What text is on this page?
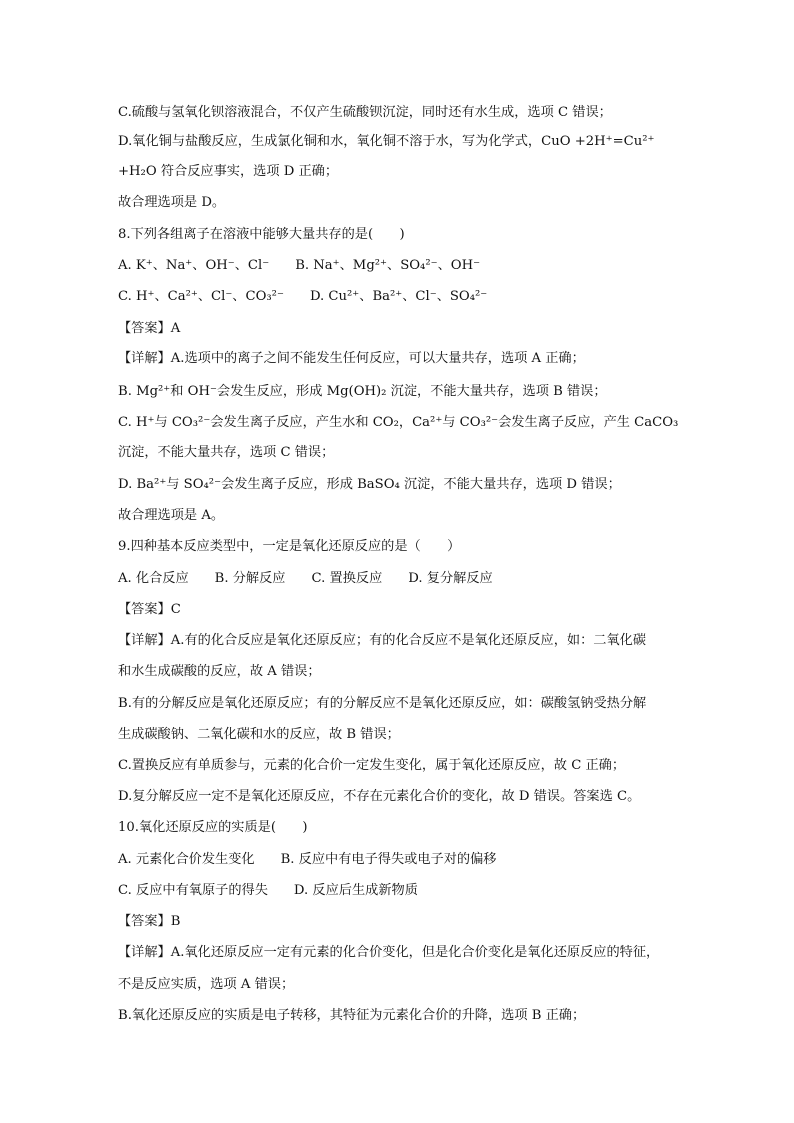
C.硫酸与氢氧化钡溶液混合，不仅产生硫酸钡沉淀，同时还有水生成，选项 C 错误；
D.氧化铜与盐酸反应，生成氯化铜和水，氧化铜不溶于水，写为化学式，CuO +2H⁺=Cu²⁺
+H₂O 符合反应事实，选项 D 正确；
故合理选项是 D。
8.下列各组离子在溶液中能够大量共存的是(　　)
A. K⁺、Na⁺、OH⁻、Cl⁻ B. Na⁺、Mg²⁺、SO₄²⁻、OH⁻
C. H⁺、Ca²⁺、Cl⁻、CO₃²⁻ D. Cu²⁺、Ba²⁺、Cl⁻、SO₄²⁻
【答案】A
【详解】A.选项中的离子之间不能发生任何反应，可以大量共存，选项 A 正确；
B. Mg²⁺和 OH⁻会发生反应，形成 Mg(OH)₂ 沉淀，不能大量共存，选项 B 错误；
C. H⁺与 CO₃²⁻会发生离子反应，产生水和 CO₂，Ca²⁺与 CO₃²⁻会发生离子反应，产生 CaCO₃
沉淀，不能大量共存，选项 C 错误；
D. Ba²⁺与 SO₄²⁻会发生离子反应，形成 BaSO₄ 沉淀，不能大量共存，选项 D 错误；
故合理选项是 A。
9.四种基本反应类型中，一定是氧化还原反应的是（　　）
A. 化合反应 B. 分解反应 C. 置换反应 D. 复分解反应
【答案】C
【详解】A.有的化合反应是氧化还原反应；有的化合反应不是氧化还原反应，如：二氧化碳
和水生成碳酸的反应，故 A 错误；
B.有的分解反应是氧化还原反应；有的分解反应不是氧化还原反应，如：碳酸氢钠受热分解
生成碳酸钠、二氧化碳和水的反应，故 B 错误；
C.置换反应有单质参与，元素的化合价一定发生变化，属于氧化还原反应，故 C 正确；
D.复分解反应一定不是氧化还原反应，不存在元素化合价的变化，故 D 错误。答案选 C。
10.氧化还原反应的实质是(　　)
A. 元素化合价发生变化 B. 反应中有电子得失或电子对的偏移
C. 反应中有氧原子的得失 D. 反应后生成新物质
【答案】B
【详解】A.氧化还原反应一定有元素的化合价变化，但是化合价变化是氧化还原反应的特征，
不是反应实质，选项 A 错误；
B.氧化还原反应的实质是电子转移，其特征为元素化合价的升降，选项 B 正确；
